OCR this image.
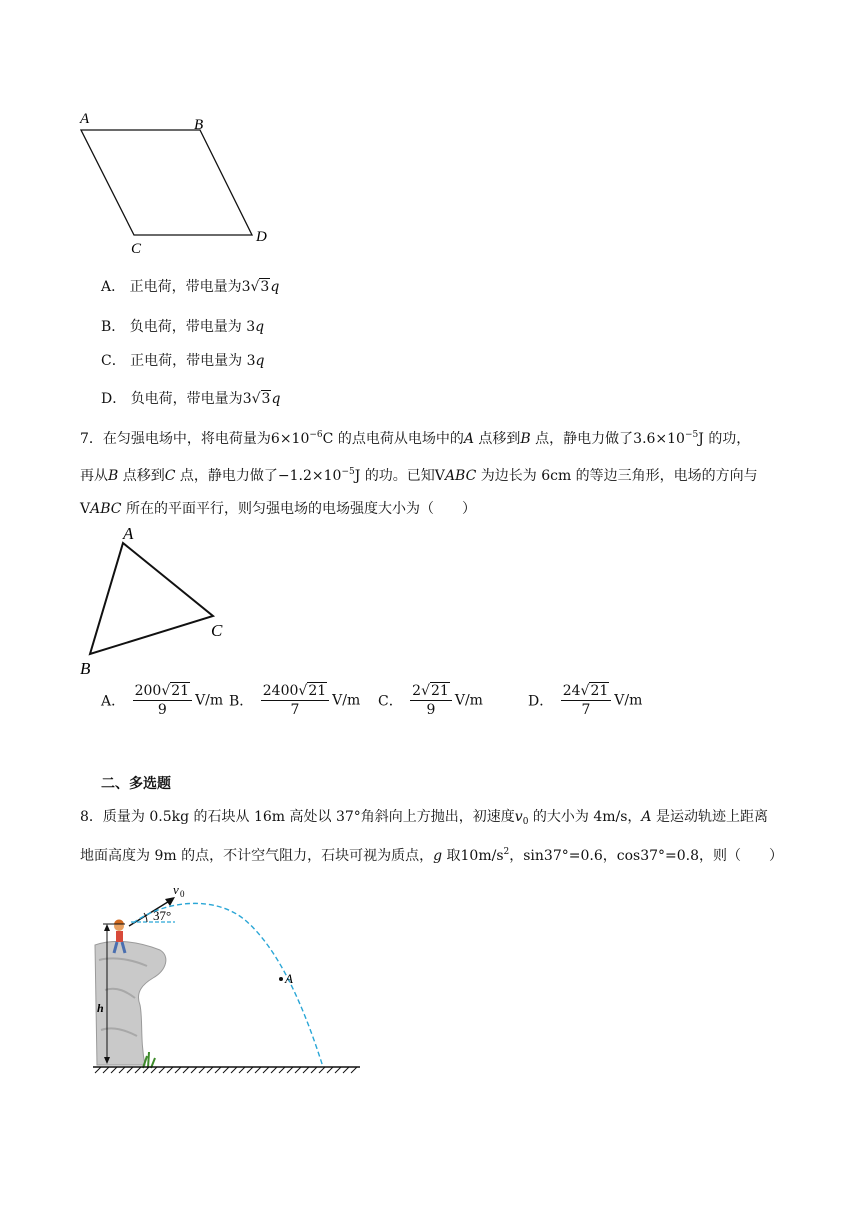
A	B
C
D
A． 正电荷，带电量为3√3q
B． 负电荷，带电量为 3q
C． 正电荷，带电量为 3q
D． 负电荷，带电量为3√3q
7．在匀强电场中，将电荷量为$6\times 10^{-6}C$ 的点电荷从电场中的A 点移到B 点，静电力做了$3.6\times 10^{-5}J$ 的功，
再从B 点移到C 点，静电力做了$-1.2\times 10^{-5}J$ 的功。已知VABC 为边长为 6cm 的等边三角形，电场的方向与
VABC 所在的平面平行，则匀强电场的电场强度大小为（　　）
A
C
B
A． $\frac{200√21}{9} V/m$ B． $\frac{2400√21}{7} V/m$ C． $\frac{2√21}{9} V/m$	D． $\frac{24√21}{7} V/m$
二、多选题
8．质量为 0.5kg 的石块从 16m 高处以 37°角斜向上方抛出，初速度$v_0$ 的大小为 4m/s，A 是运动轨迹上距离
地面高度为 9m 的点，不计空气阻力，石块可视为质点，g 取$10m/s^2$，sin37°=0.6，cos37°=0.8，则（　　）
h
v 0
37°
A
